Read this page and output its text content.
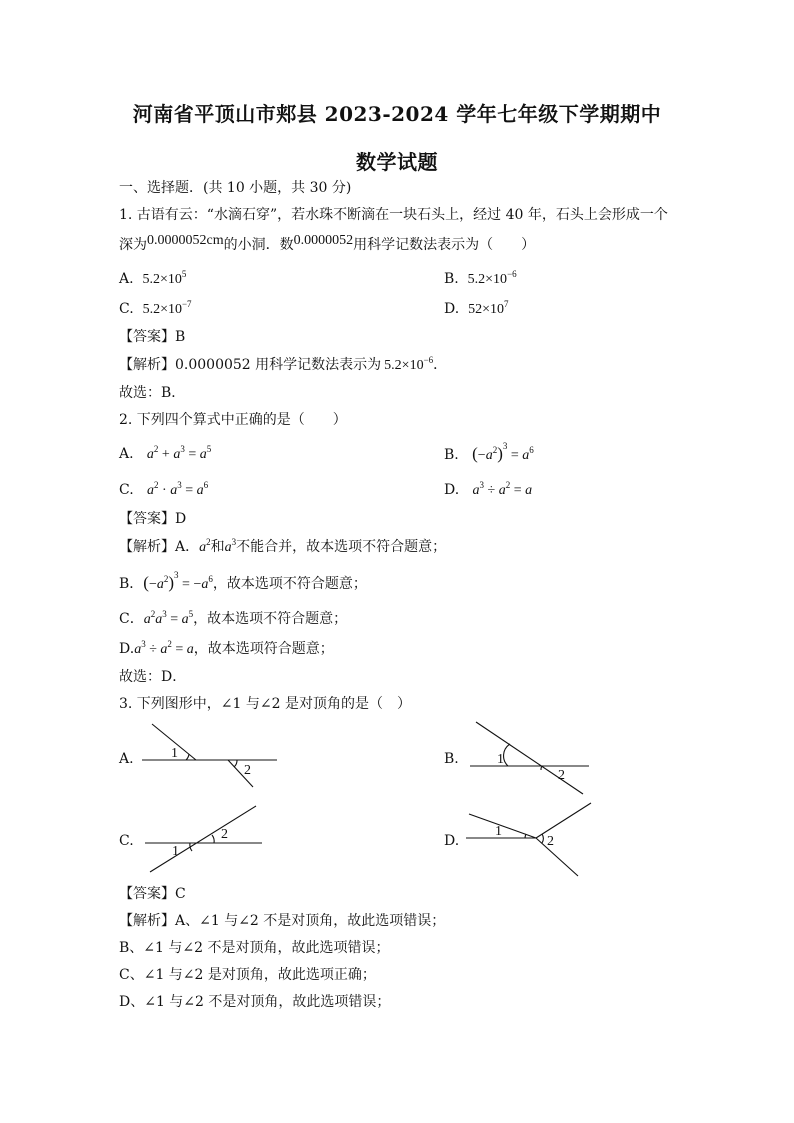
河南省平顶山市郏县 2023-2024 学年七年级下学期期中
数学试题
一、选择题．(共 10 小题，共 30 分)
1. 古语有云：“水滴石穿”，若水珠不断滴在一块石头上，经过 40 年，石头上会形成一个
深为0.0000052cm的小洞．数0.0000052用科学记数法表示为（　　）
A. $5.2\times 10^5$	B. $5.2\times 10^{-6}$
C. $5.2\times 10^{-7}$	D. $52\times 10^7$
【答案】B
【解析】0.0000052 用科学记数法表示为 $5.2\times 10^{-6}$．
故选：B．
2. 下列四个算式中正确的是（　　）
A. $a^2 + a^3 = a^5$	B. $(-a^2)^3 = a^6$
C. $a^2 \cdot a^3 = a^6$	D. $a^3 \div a^2 = a$
【答案】D
【解析】A．$a^2$和$a^3$不能合并，故本选项不符合题意；
B．$(-a^2)^3 = -a^6$，故本选项不符合题意；
C．$a^2a^3 = a^5$，故本选项不符合题意；
$D.a^3 \div a^2 = a$，故本选项符合题意；
故选：D．
3. 下列图形中，∠1 与∠2 是对顶角的是（　）
A.	B.
C.	D.
1
2
1
2
2
1
1
2
【答案】C
【解析】A、∠1 与∠2 不是对顶角，故此选项错误；
B、∠1 与∠2 不是对顶角，故此选项错误；
C、∠1 与∠2 是对顶角，故此选项正确；
D、∠1 与∠2 不是对顶角，故此选项错误；
